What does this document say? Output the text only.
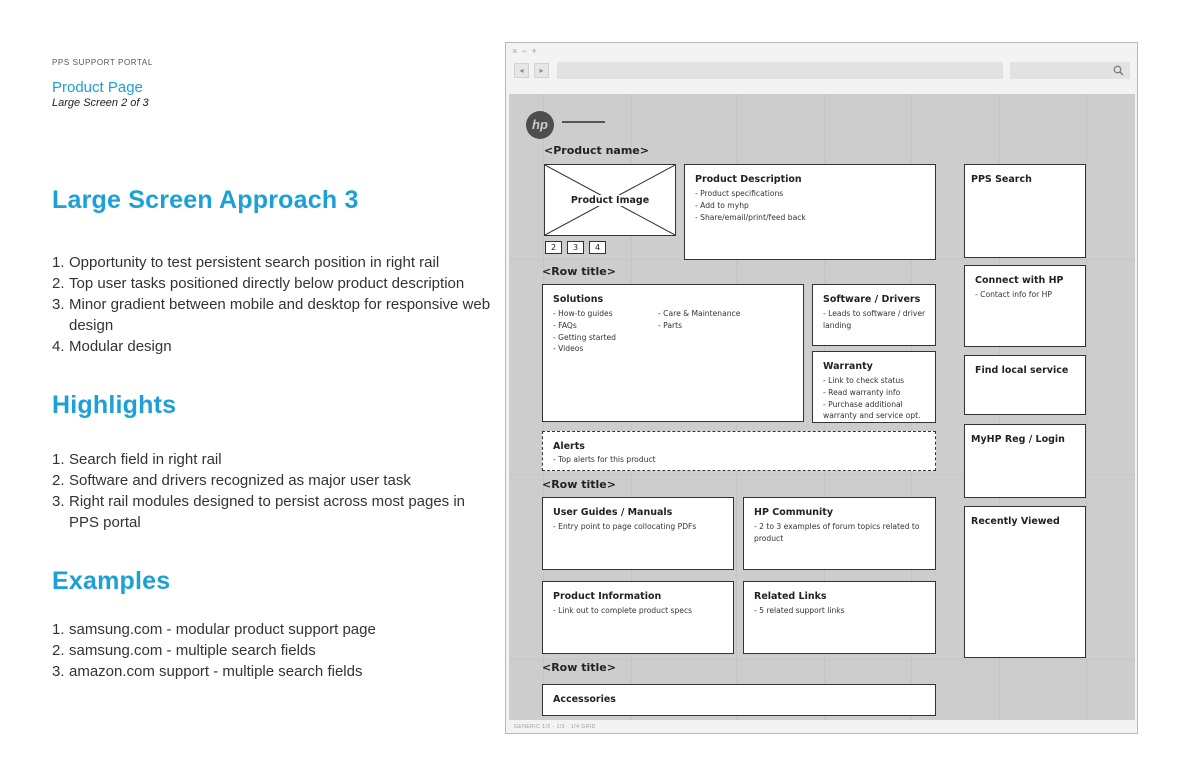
PPS SUPPORT PORTAL
Product Page
Large Screen 2 of 3
Large Screen Approach 3
1. Opportunity to test persistent search position in right rail
2. Top user tasks positioned directly below product description
3. Minor gradient between mobile and desktop for responsive web design
4. Modular design
Highlights
1. Search field in right rail
2. Software and drivers recognized as major user task
3. Right rail modules designed to persist across most pages in PPS portal
Examples
1. samsung.com - modular product support page
2. samsung.com - multiple search fields
3. amazon.com support - multiple search fields
× − +
◂	▸
hp
<Product name>
Product Image
2	3	4
Product Description
- Product specifications
- Add to myhp
- Share/email/print/feed back
<Row title>
Solutions
- How-to guides
- FAQs
- Getting started
- Videos
- Care & Maintenance
- Parts
Software / Drivers
- Leads to software / driver
landing
Warranty
- Link to check status
- Read warranty info
- Purchase additional
warranty and service opt.
Alerts
- Top alerts for this product
<Row title>
User Guides / Manuals
- Entry point to page collocating PDFs
HP Community
- 2 to 3 examples of forum topics related to
product
Product Information
- Link out to complete product specs
Related Links
- 5 related support links
<Row title>
Accessories
PPS Search
Connect with HP
- Contact info for HP
Find local service
MyHP Reg / Login
Recently Viewed
GENERIC 1/2 - 1/3 - 1/4 GRID
